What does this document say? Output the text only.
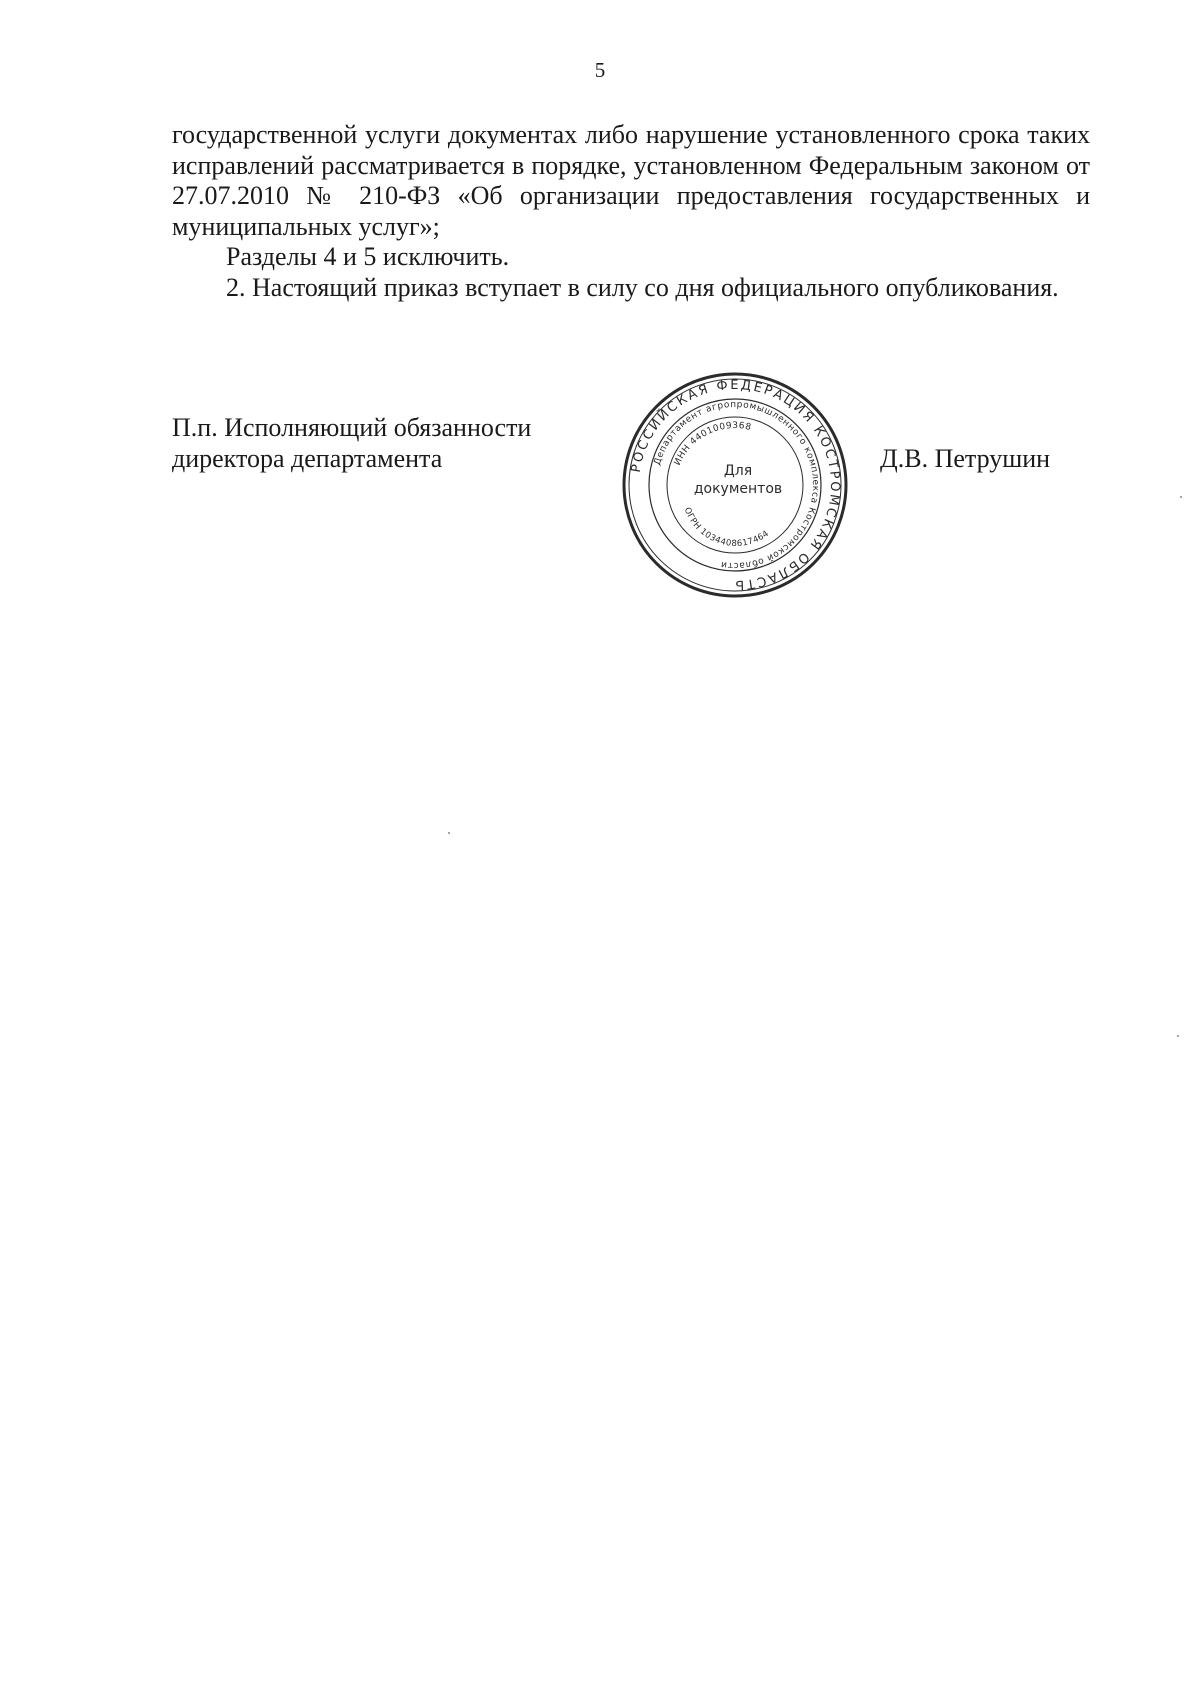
5

государственной услуги документах либо нарушение установленного срока таких исправлений рассматривается в порядке, установленном Федеральным законом от 27.07.2010 № 210-ФЗ «Об организации предоставления государственных и муниципальных услуг»;

Разделы 4 и 5 исключить.

2. Настоящий приказ вступает в силу со дня официального опубликования.

П.п. Исполняющий обязанности
директора департамента	РОССИЙСКАЯ ФЕДЕРАЦИЯ КОСТРОМСКАЯ ОБЛАСТЬ
Департамент агропромышленного комплекса Костромской области
ИНН 4401009368
ОГРН 1034408617464
Для
документов
Д.В. Петрушин
